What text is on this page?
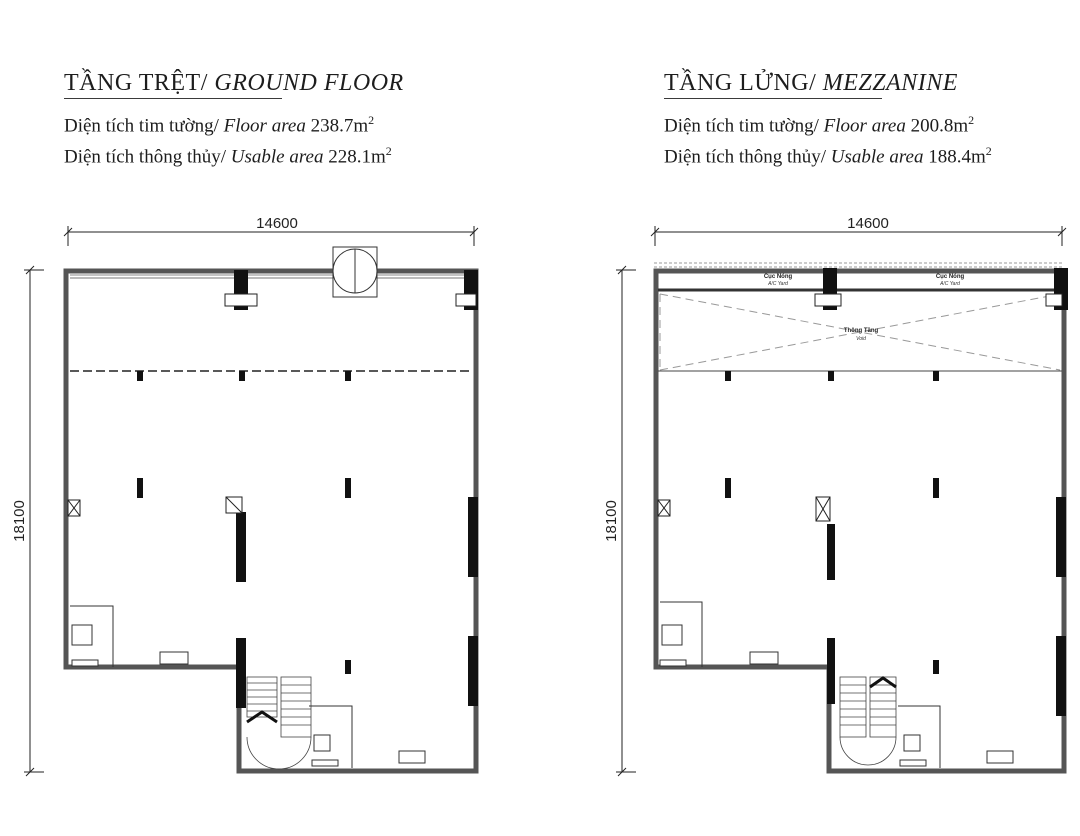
TẦNG TRỆT/ GROUND FLOOR
Diện tích tim tường/ Floor area $238.7m^2$
Diện tích thông thủy/ Usable area $228.1m^2$
14600
18100
TẦNG LỬNG/ MEZZANINE
Diện tích tim tường/ Floor area $200.8m^2$
Diện tích thông thủy/ Usable area $188.4m^2$
14600
18100
Cục Nóng
A/C Yard
Cục Nóng
A/C Yard
Thông Tầng
Void
